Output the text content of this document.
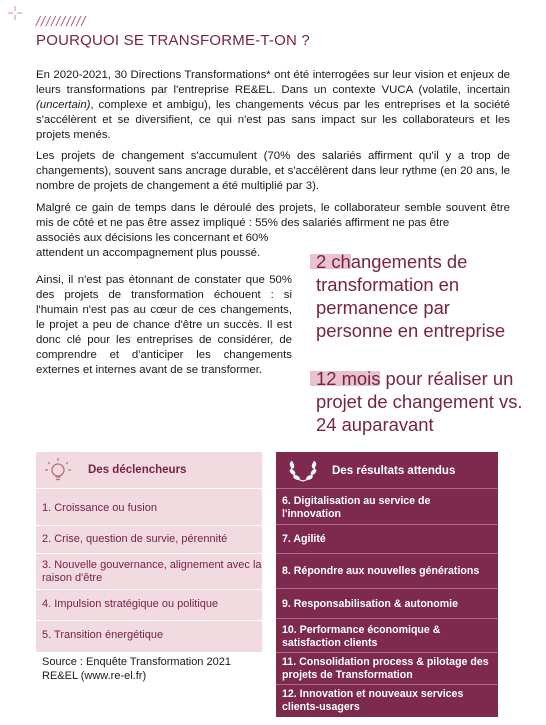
//////////
POURQUOI SE TRANSFORME-T-ON ?

En 2020-2021, 30 Directions Transformations* ont été interrogées sur leur vision et enjeux de leurs transformations par l'entreprise RE&EL. Dans un contexte VUCA (volatile, incertain (uncertain), complexe et ambigu), les changements vécus par les entreprises et la société s'accélèrent et se diversifient, ce qui n'est pas sans impact sur les collaborateurs et les projets menés.

Les projets de changement s'accumulent (70% des salariés affirment qu'il y a trop de changements), souvent sans ancrage durable, et s'accélèrent dans leur rythme (en 20 ans, le nombre de projets de changement a été multiplié par 3).

Malgré ce gain de temps dans le déroulé des projets, le collaborateur semble souvent être mis de côté et ne pas être assez impliqué : 55% des salariés affirment ne pas être

associés aux décisions les concernant et 60% attendent un accompagnement plus poussé.

Ainsi, il n'est pas étonnant de constater que 50% des projets de transformation échouent : si l'humain n'est pas au cœur de ces changements, le projet a peu de chance d'être un succès. Il est donc clé pour les entreprises de considérer, de comprendre et d'anticiper les changements externes et internes avant de se transformer.

2 changements de transformation en permanence par personne en entreprise
12 mois pour réaliser un projet de changement vs. 24 auparavant
Des déclencheurs
1. Croissance ou fusion
2. Crise, question de survie, pérennité
3. Nouvelle gouvernance, alignement avec la raison d'être
4. Impulsion stratégique ou politique
5. Transition énergétique
Des résultats attendus
6. Digitalisation au service de l'innovation
7. Agilité
8. Répondre aux nouvelles générations
9. Responsabilisation & autonomie
10. Performance économique & satisfaction clients
11. Consolidation process & pilotage des projets de Transformation
12. Innovation et nouveaux services clients-usagers
Source : Enquête Transformation 2021 RE&EL (www.re-el.fr)
